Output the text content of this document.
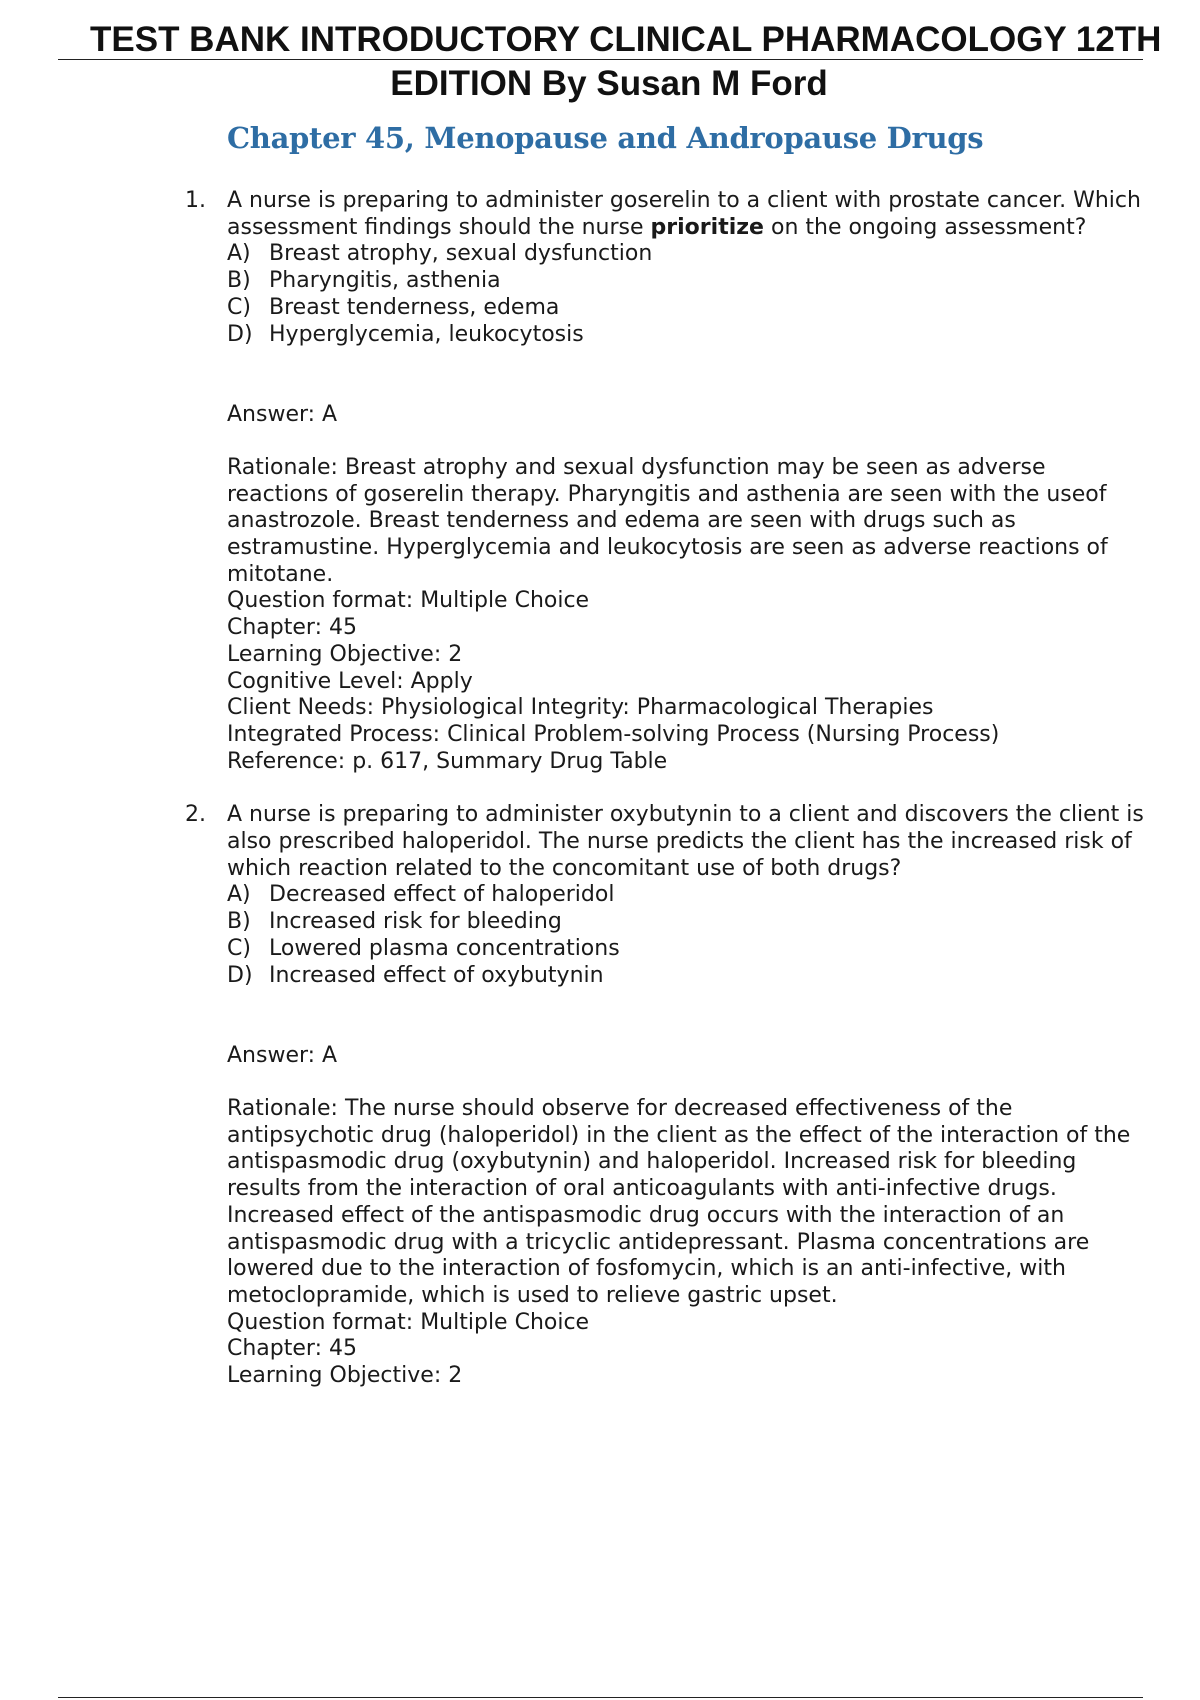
TEST BANK INTRODUCTORY CLINICAL PHARMACOLOGY 12TH
EDITION By Susan M Ford
Chapter 45, Menopause and Andropause Drugs
1. A nurse is preparing to administer goserelin to a client with prostate cancer. Which assessment findings should the nurse prioritize on the ongoing assessment?
A) Breast atrophy, sexual dysfunction
B) Pharyngitis, asthenia
C) Breast tenderness, edema
D) Hyperglycemia, leukocytosis
Answer: A
Rationale: Breast atrophy and sexual dysfunction may be seen as adverse reactions of goserelin therapy. Pharyngitis and asthenia are seen with the useof anastrozole. Breast tenderness and edema are seen with drugs such as estramustine. Hyperglycemia and leukocytosis are seen as adverse reactions of mitotane.
Question format: Multiple Choice
Chapter: 45
Learning Objective: 2
Cognitive Level: Apply
Client Needs: Physiological Integrity: Pharmacological Therapies
Integrated Process: Clinical Problem-solving Process (Nursing Process)
Reference: p. 617, Summary Drug Table
2. A nurse is preparing to administer oxybutynin to a client and discovers the client is also prescribed haloperidol. The nurse predicts the client has the increased risk of which reaction related to the concomitant use of both drugs?
A) Decreased effect of haloperidol
B) Increased risk for bleeding
C) Lowered plasma concentrations
D) Increased effect of oxybutynin
Answer: A
Rationale: The nurse should observe for decreased effectiveness of the antipsychotic drug (haloperidol) in the client as the effect of the interaction of the antispasmodic drug (oxybutynin) and haloperidol. Increased risk for bleeding results from the interaction of oral anticoagulants with anti-infective drugs. Increased effect of the antispasmodic drug occurs with the interaction of an antispasmodic drug with a tricyclic antidepressant. Plasma concentrations are lowered due to the interaction of fosfomycin, which is an anti-infective, with metoclopramide, which is used to relieve gastric upset.
Question format: Multiple Choice
Chapter: 45
Learning Objective: 2
